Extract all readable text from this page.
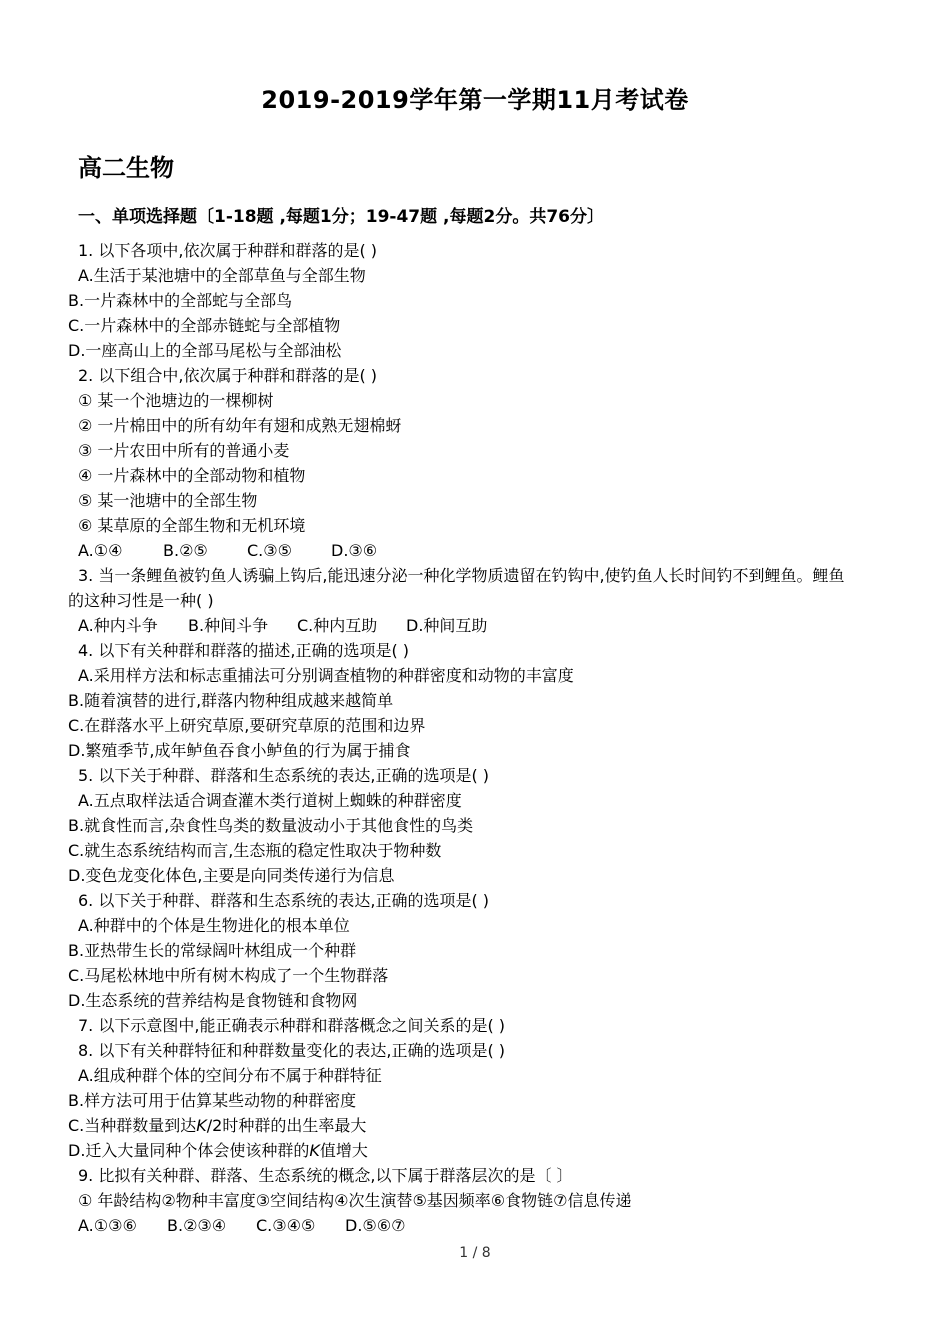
2019-2019学年第一学期11月考试卷
高二生物
一、单项选择题〔1-18题 ,每题1分；19-47题 ,每题2分。共76分〕
1. 以下各项中,依次属于种群和群落的是( )
A.生活于某池塘中的全部草鱼与全部生物
B.一片森林中的全部蛇与全部鸟
C.一片森林中的全部赤链蛇与全部植物
D.一座高山上的全部马尾松与全部油松
2. 以下组合中,依次属于种群和群落的是( )
① 某一个池塘边的一棵柳树
② 一片棉田中的所有幼年有翅和成熟无翅棉蚜
③ 一片农田中所有的普通小麦
④ 一片森林中的全部动物和植物
⑤ 某一池塘中的全部生物
⑥ 某草原的全部生物和无机环境
A.①④	B.②⑤ C.③⑤ D.③⑥
3. 当一条鲤鱼被钓鱼人诱骗上钩后,能迅速分泌一种化学物质遗留在钓钩中,使钓鱼人长时间钓不到鲤鱼。鲤鱼
的这种习性是一种( )
A.种内斗争 B.种间斗争 C.种内互助 D.种间互助
4. 以下有关种群和群落的描述,正确的选项是( )
A.采用样方法和标志重捕法可分别调查植物的种群密度和动物的丰富度
B.随着演替的进行,群落内物种组成越来越简单
C.在群落水平上研究草原,要研究草原的范围和边界
D.繁殖季节,成年鲈鱼吞食小鲈鱼的行为属于捕食
5. 以下关于种群、群落和生态系统的表达,正确的选项是( )
A.五点取样法适合调查灌木类行道树上蜘蛛的种群密度
B.就食性而言,杂食性鸟类的数量波动小于其他食性的鸟类
C.就生态系统结构而言,生态瓶的稳定性取决于物种数
D.变色龙变化体色,主要是向同类传递行为信息
6. 以下关于种群、群落和生态系统的表达,正确的选项是( )
A.种群中的个体是生物进化的根本单位
B.亚热带生长的常绿阔叶林组成一个种群
C.马尾松林地中所有树木构成了一个生物群落
D.生态系统的营养结构是食物链和食物网
7. 以下示意图中,能正确表示种群和群落概念之间关系的是( )
8. 以下有关种群特征和种群数量变化的表达,正确的选项是( )
A.组成种群个体的空间分布不属于种群特征
B.样方法可用于估算某些动物的种群密度
C.当种群数量到达K/2时种群的出生率最大
D.迁入大量同种个体会使该种群的K值增大
9. 比拟有关种群、群落、生态系统的概念,以下属于群落层次的是〔 〕
① 年龄结构②物种丰富度③空间结构④次生演替⑤基因频率⑥食物链⑦信息传递
A.①③⑥ B.②③④ C.③④⑤ D.⑤⑥⑦
1 / 8
